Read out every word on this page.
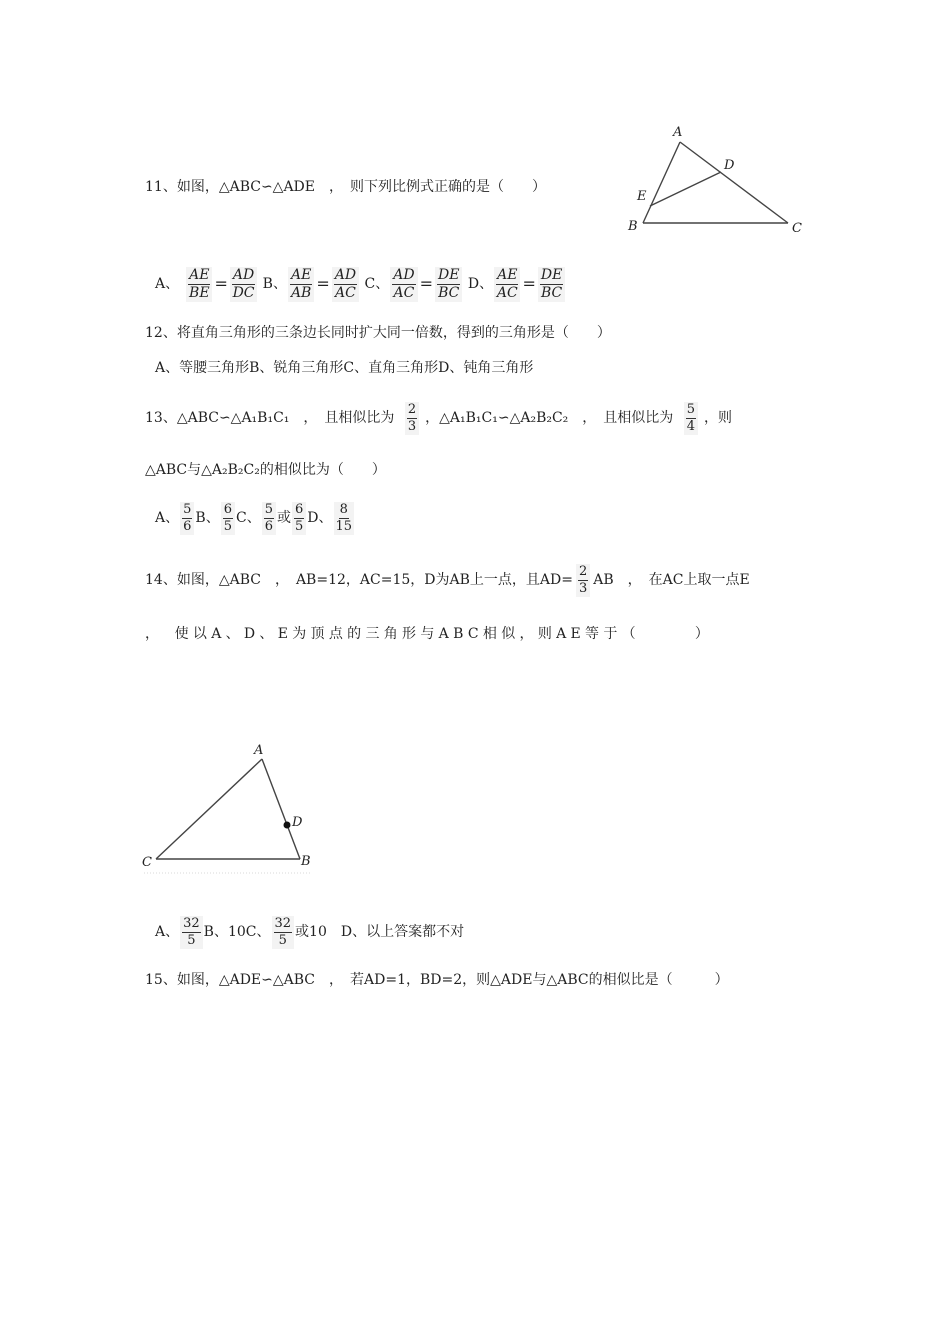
11、如图，△ABC∽△ADE　，　则下列比例式正确的是（　　）
A
D
E
B	C
A、 $\frac{AE}{BE} = \frac{AD}{DC}$ B、 $\frac{AE}{AB} = \frac{AD}{AC}$ C、 $\frac{AD}{AC} = \frac{DE}{BC}$ D、 $\frac{AE}{AC} = \frac{DE}{BC}$
12、将直角三角形的三条边长同时扩大同一倍数，得到的三角形是（　　）
A、等腰三角形B、锐角三角形C、直角三角形D、钝角三角形
13、△ABC∽△A₁B₁C₁　，　且相似比为 $\frac{2}{3}$ ，△A₁B₁C₁∽△A₂B₂C₂　，　且相似比为 $\frac{5}{4}$ ，则
△ABC与△A₂B₂C₂的相似比为（　　）
A、 $\frac{5}{6}$ B、 $\frac{6}{5}$ C、 $\frac{5}{6}$ 或 $\frac{6}{5}$ D、 $\frac{8}{15}$
14、如图，△ABC　，　AB=12，AC=15，D为AB上一点，且$AD= \frac{2}{3}$ AB　，　在AC上取一点E
，　使以A、D、E为顶点的三角形与ABC相似，则AE等于（　　　）
A
D
C	B
A、 $\frac{32}{5}$ B、10C、 $\frac{32}{5}$ 或10　D、以上答案都不对
15、如图，△ADE∽△ABC　，　若AD=1，BD=2，则△ADE与△ABC的相似比是（　　　）
